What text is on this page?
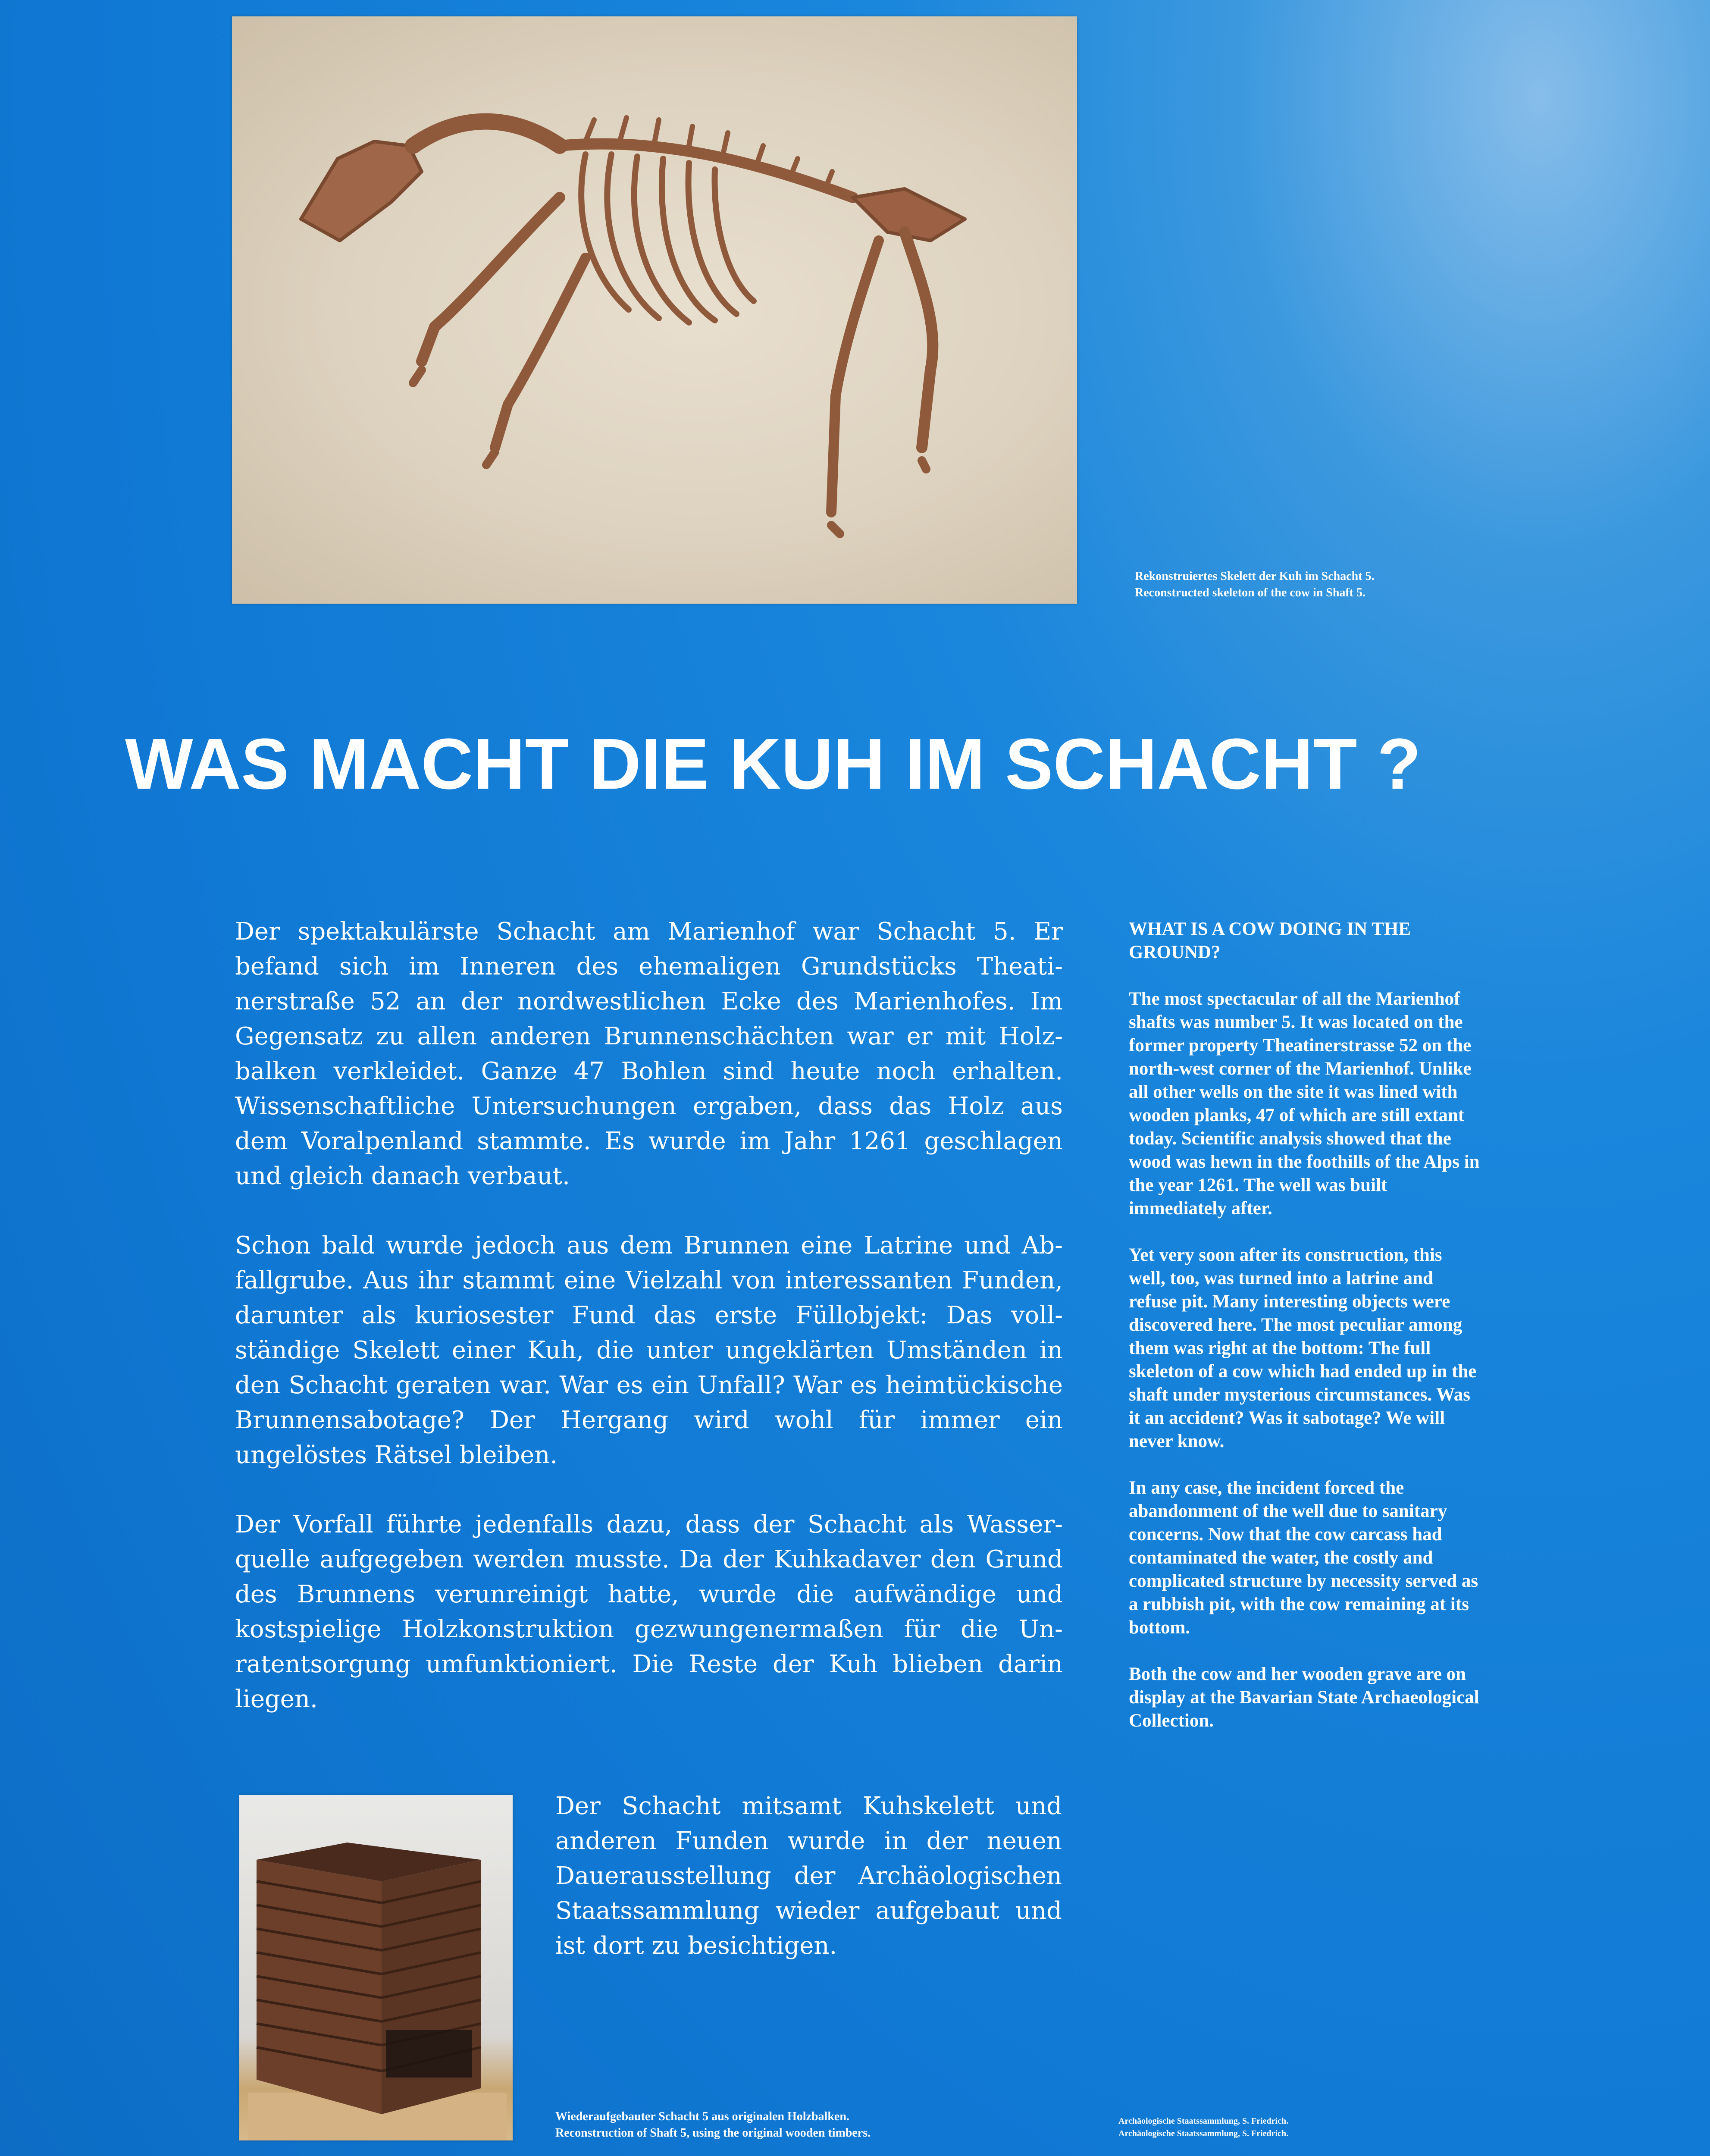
Rekonstruiertes Skelett der Kuh im Schacht 5.
Reconstructed skeleton of the cow in Shaft 5.
WAS MACHT DIE KUH IM SCHACHT ?

Der spektakulärste Schacht am Marienhof war Schacht 5. Er befand sich im Inneren des ehemaligen Grundstücks Theatinerstraße 52 an der nordwestlichen Ecke des Marienhofes. Im Gegensatz zu allen anderen Brunnenschächten war er mit Holzbalken verkleidet. Ganze 47 Bohlen sind heute noch erhalten. Wissenschaftliche Untersuchungen ergaben, dass das Holz aus dem Voralpenland stammte. Es wurde im Jahr 1261 geschlagen und gleich danach verbaut.

Schon bald wurde jedoch aus dem Brunnen eine Latrine und Abfallgrube. Aus ihr stammt eine Vielzahl von interessanten Funden, darunter als kuriosester Fund das erste Füllobjekt: Das vollständige Skelett einer Kuh, die unter ungeklärten Umständen in den Schacht geraten war. War es ein Unfall? War es heimtückische Brunnensabotage? Der Hergang wird wohl für immer ein ungelöstes Rätsel bleiben.

Der Vorfall führte jedenfalls dazu, dass der Schacht als Wasserquelle aufgegeben werden musste. Da der Kuhkadaver den Grund des Brunnens verunreinigt hatte, wurde die aufwändige und kostspielige Holzkonstruktion gezwungenermaßen für die Unratentsorgung umfunktioniert. Die Reste der Kuh blieben darin liegen.

WHAT IS A COW DOING IN THE GROUND?

The most spectacular of all the Marienhof shafts was number 5. It was located on the former property Theatinerstrasse 52 on the north-west corner of the Marienhof. Unlike all other wells on the site it was lined with wooden planks, 47 of which are still extant today. Scientific analysis showed that the wood was hewn in the foothills of the Alps in the year 1261. The well was built immediately after.

Yet very soon after its construction, this well, too, was turned into a latrine and refuse pit. Many interesting objects were discovered here. The most peculiar among them was right at the bottom: The full skeleton of a cow which had ended up in the shaft under mysterious circumstances. Was it an accident? Was it sabotage? We will never know.

In any case, the incident forced the abandonment of the well due to sanitary concerns. Now that the cow carcass had contaminated the water, the costly and complicated structure by necessity served as a rubbish pit, with the cow remaining at its bottom.

Both the cow and her wooden grave are on display at the Bavarian State Archaeological Collection.

Der Schacht mitsamt Kuhskelett und anderen Funden wurde in der neuen Dauerausstellung der Archäologischen Staatssammlung wieder aufgebaut und ist dort zu besichtigen.

Wiederaufgebauter Schacht 5 aus originalen Holzbalken.
Reconstruction of Shaft 5, using the original wooden timbers.
Archäologische Staatssammlung, S. Friedrich.
Archäologische Staatssammlung, S. Friedrich.
